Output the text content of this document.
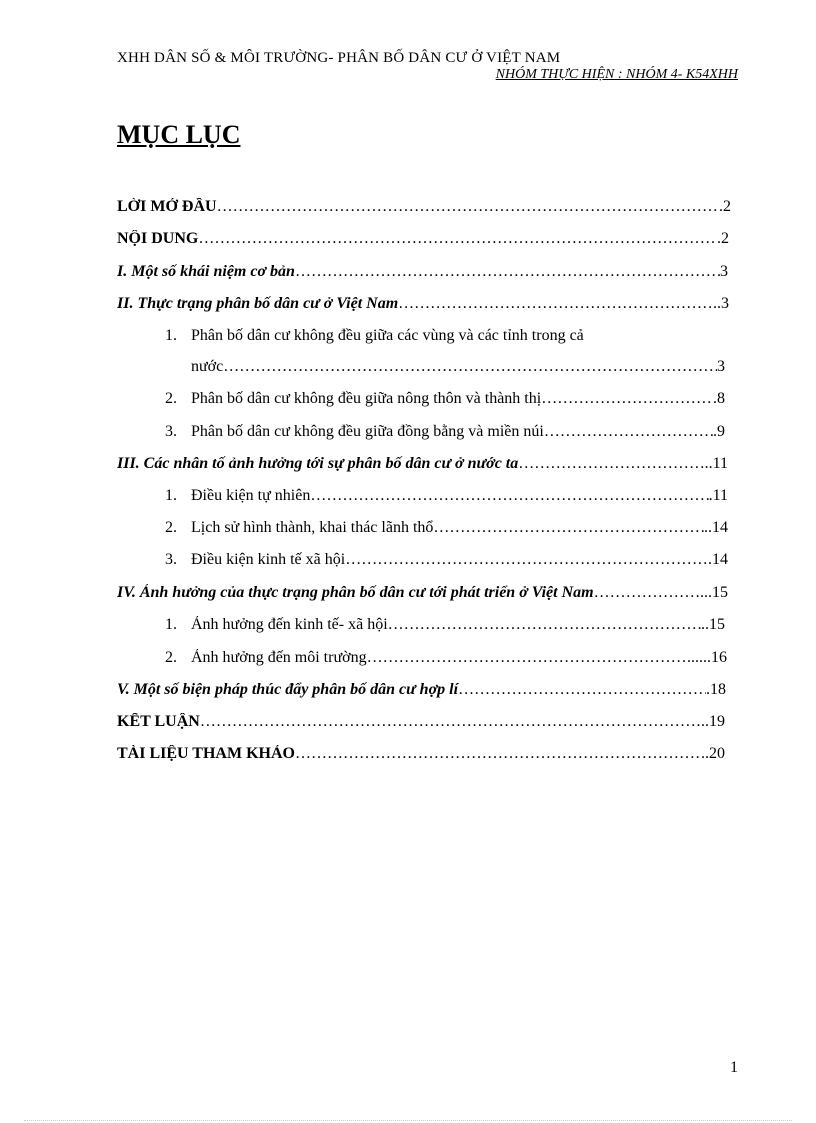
XHH DÂN SỐ & MÔI TRƯỜNG- PHÂN BỐ DÂN CƯ Ở VIỆT NAM
NHÓM THỰC HIỆN : NHÓM 4- K54XHH
MỤC LỤC
LỜI MỞ ĐẦU ………………………………………………………………………………………………………………………………………………………	.2
NỘI DUNG ………………………………………………………………………………………………………………………………………………………	.2
I. Một số khái niệm cơ bản ………………………………………………………………………………………………………………………………………………………	3
II. Thực trạng phân bố dân cư ở Việt Nam ………………………………………………………………………………………………………………………………………………………	..3
1. Phân bố dân cư không đều giữa các vùng và các tỉnh trong cả
nước ………………………………………………………………………………………………………………………………………………………	3
2. Phân bố dân cư không đều giữa nông thôn và thành thị ………………………………………………………………………………………………………………………………………………………	.8
3. Phân bố dân cư không đều giữa đồng bằng và miền núi ………………………………………………………………………………………………………………………………………………………	.9
III. Các nhân tố ảnh hưởng tới sự phân bố dân cư ở nước ta ………………………………………………………………………………………………………………………………………………………	..11
1. Điều kiện tự nhiên ………………………………………………………………………………………………………………………………………………………	.11
2. Lịch sử hình thành, khai thác lãnh thổ ………………………………………………………………………………………………………………………………………………………	..14
3. Điều kiện kinh tế xã hội ………………………………………………………………………………………………………………………………………………………	.14
IV. Ảnh hưởng của thực trạng phân bố dân cư tới phát triển ở Việt Nam ………………………………………………………………………………………………………………………………………………………	...15
1. Ảnh hưởng đến kinh tế- xã hội ………………………………………………………………………………………………………………………………………………………	..15
2. Ảnh hưởng đến môi trường ………………………………………………………………………………………………………………………………………………………	......16
V. Một số biện pháp thúc đẩy phân bố dân cư hợp lí ………………………………………………………………………………………………………………………………………………………	.18
KẾT LUẬN ………………………………………………………………………………………………………………………………………………………	..19
TÀI LIỆU THAM KHẢO ………………………………………………………………………………………………………………………………………………………	..20
1
